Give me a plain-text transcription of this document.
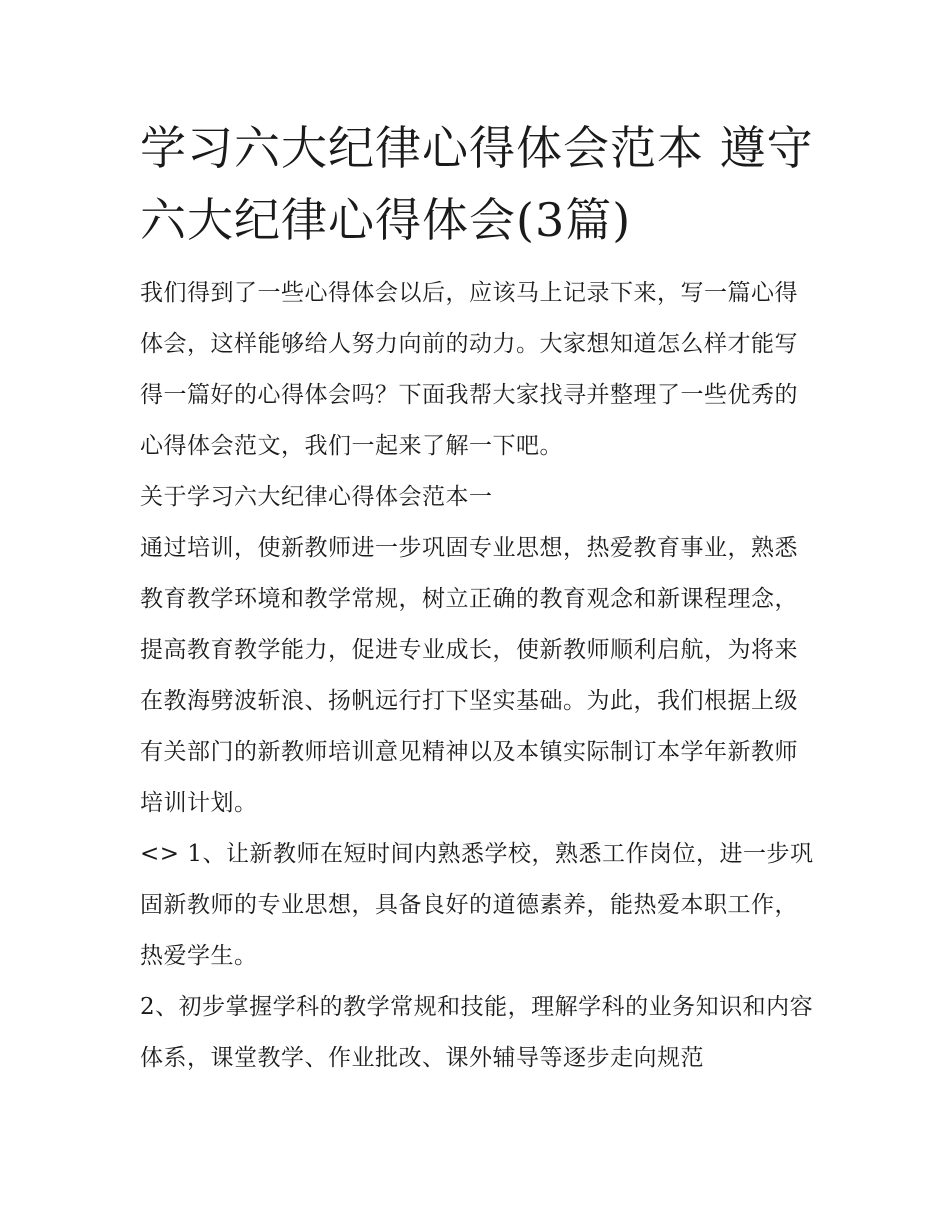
学习六大纪律心得体会范本 遵守六大纪律心得体会(3篇)

我们得到了一些心得体会以后，应该马上记录下来，写一篇心得体会，这样能够给人努力向前的动力。大家想知道怎么样才能写得一篇好的心得体会吗？下面我帮大家找寻并整理了一些优秀的心得体会范文，我们一起来了解一下吧。

关于学习六大纪律心得体会范本一

通过培训，使新教师进一步巩固专业思想，热爱教育事业，熟悉教育教学环境和教学常规，树立正确的教育观念和新课程理念，提高教育教学能力，促进专业成长，使新教师顺利启航，为将来在教海劈波斩浪、扬帆远行打下坚实基础。为此，我们根据上级有关部门的新教师培训意见精神以及本镇实际制订本学年新教师培训计划。

<> 1、让新教师在短时间内熟悉学校，熟悉工作岗位，进一步巩固新教师的专业思想，具备良好的道德素养，能热爱本职工作，热爱学生。

2、初步掌握学科的教学常规和技能，理解学科的业务知识和内容体系，课堂教学、作业批改、课外辅导等逐步走向规范
